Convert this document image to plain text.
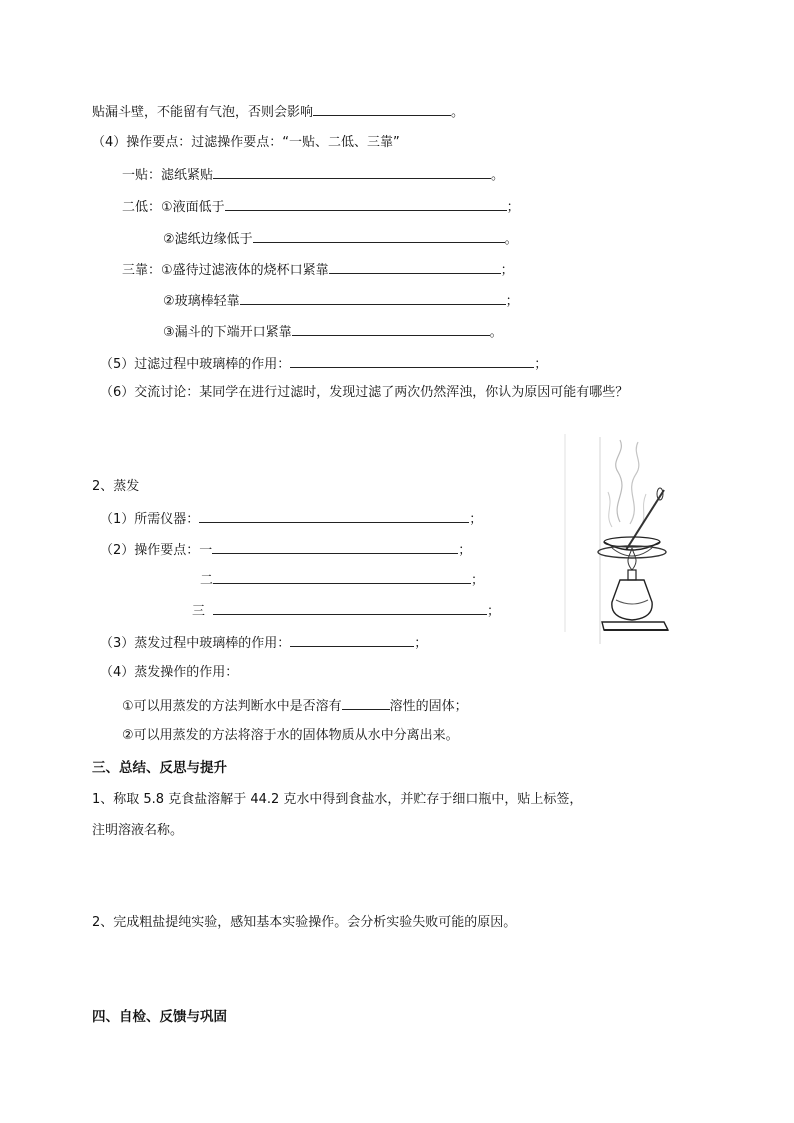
贴漏斗壁，不能留有气泡，否则会影响	。
（4）操作要点：过滤操作要点：“一贴、二低、三靠”
一贴：滤纸紧贴	。
二低：①液面低于	；
②滤纸边缘低于	。
三靠：①盛待过滤液体的烧杯口紧靠	；
②玻璃棒轻靠	；
③漏斗的下端开口紧靠	。
（5）过滤过程中玻璃棒的作用：	；
（6）交流讨论：某同学在进行过滤时，发现过滤了两次仍然浑浊，你认为原因可能有哪些？
2、蒸发
（1）所需仪器：	；
（2）操作要点：一	；
二	；
三	；
（3）蒸发过程中玻璃棒的作用：	；
（4）蒸发操作的作用：
①可以用蒸发的方法判断水中是否溶有	溶性的固体；
②可以用蒸发的方法将溶于水的固体物质从水中分离出来。
三、总结、反思与提升
1、称取 5.8 克食盐溶解于 44.2 克水中得到食盐水，并贮存于细口瓶中，贴上标签，
注明溶液名称。
2、完成粗盐提纯实验，感知基本实验操作。会分析实验失败可能的原因。
四、自检、反馈与巩固
